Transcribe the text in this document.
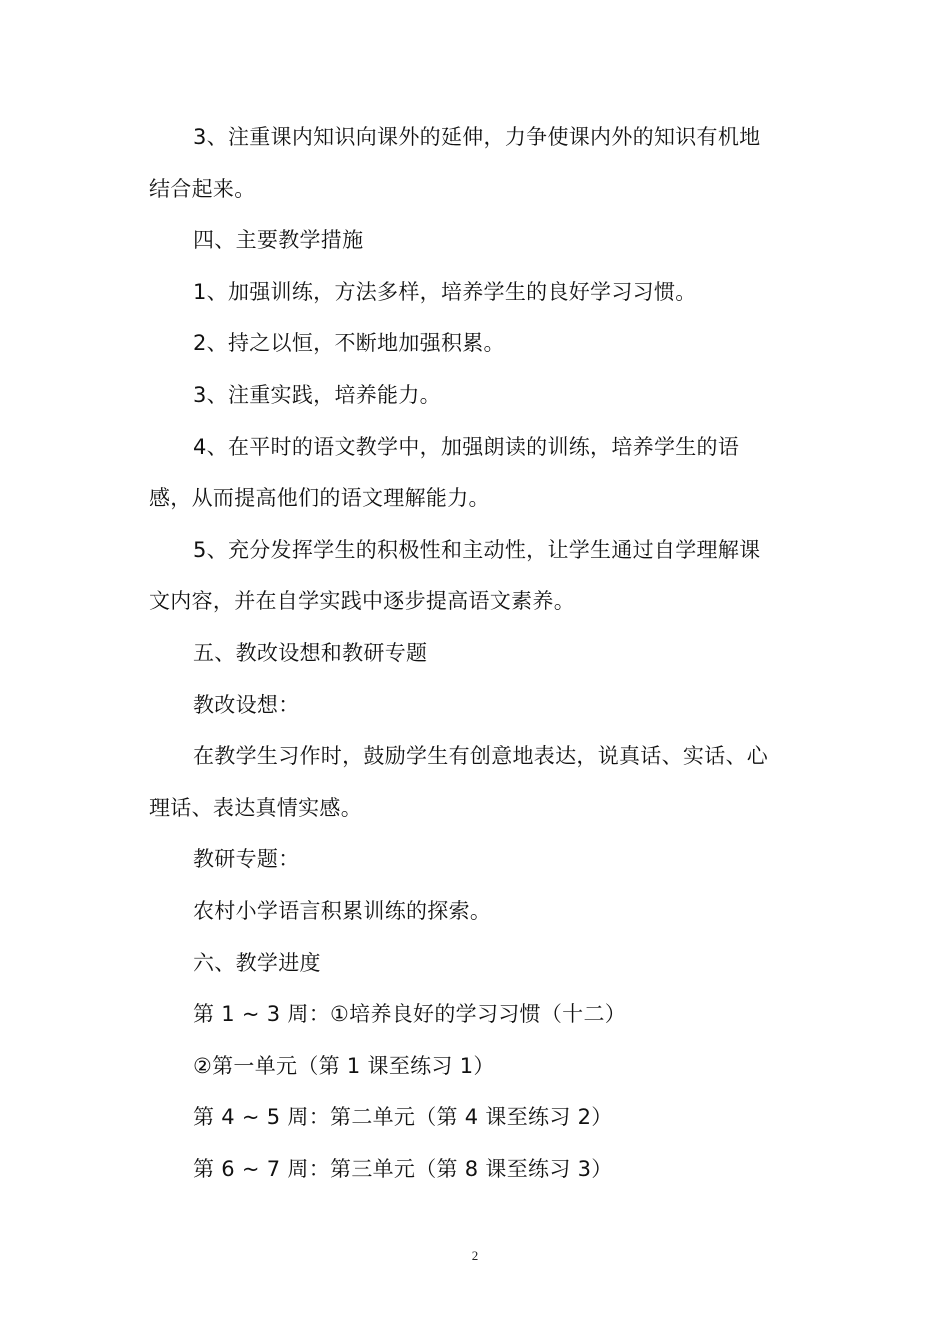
3、注重课内知识向课外的延伸，力争使课内外的知识有机地

结合起来。

四、主要教学措施

1、加强训练，方法多样，培养学生的良好学习习惯。

2、持之以恒，不断地加强积累。

3、注重实践，培养能力。

4、在平时的语文教学中，加强朗读的训练，培养学生的语

感，从而提高他们的语文理解能力。

5、充分发挥学生的积极性和主动性，让学生通过自学理解课

文内容，并在自学实践中逐步提高语文素养。

五、教改设想和教研专题

教改设想：

在教学生习作时，鼓励学生有创意地表达，说真话、实话、心

理话、表达真情实感。

教研专题：

农村小学语言积累训练的探索。

六、教学进度

第 1 ~ 3 周：①培养良好的学习习惯（十二）

②第一单元（第 1 课至练习 1）

第 4 ~ 5 周：第二单元（第 4 课至练习 2）

第 6 ~ 7 周：第三单元（第 8 课至练习 3）

2
